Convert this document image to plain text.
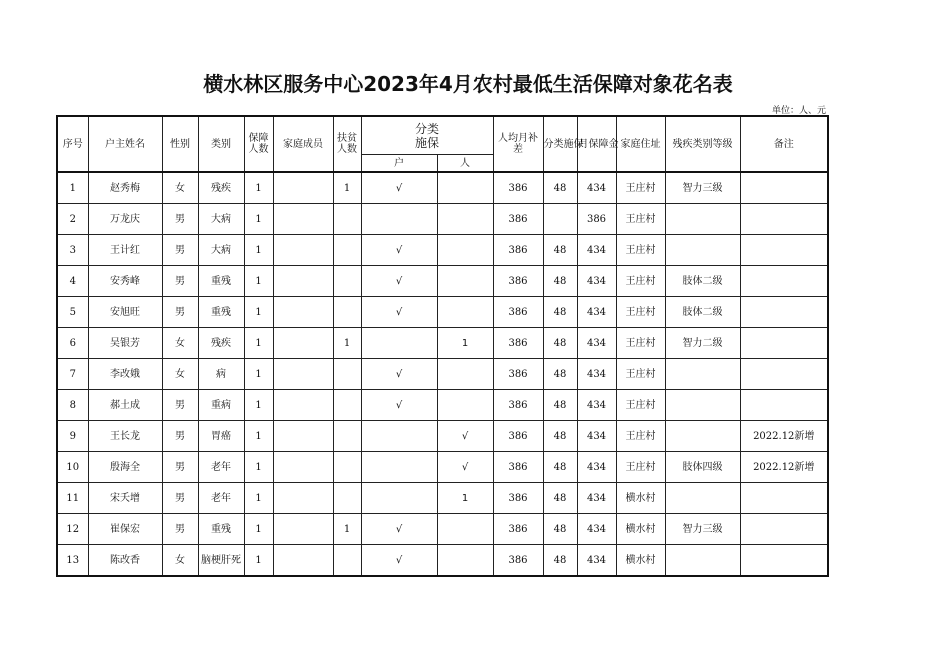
横水林区服务中心2023年4月农村最低生活保障对象花名表
单位：人、元
序号	户主姓名	性别	类别	保障人数	家庭成员	扶贫人数	分类施保		人均月补差	分类施保	月保障金	家庭住址	残疾类别等级	备注
							户	人						
1	赵秀梅	女	残疾	1		1	√		386	48	434	王庄村	智力三级	
2	万龙庆	男	大病	1					386		386	王庄村		
3	王计红	男	大病	1			√		386	48	434	王庄村		
4	安秀峰	男	重残	1			√		386	48	434	王庄村	肢体二级	
5	安旭旺	男	重残	1			√		386	48	434	王庄村	肢体二级	
6	吴银芳	女	残疾	1		1		1	386	48	434	王庄村	智力二级	
7	李改娥	女	病	1			√		386	48	434	王庄村		
8	郝土成	男	重病	1			√		386	48	434	王庄村		
9	王长龙	男	胃癌	1				√	386	48	434	王庄村		2022.12新增
10	殷海全	男	老年	1				√	386	48	434	王庄村	肢体四级	2022.12新增
11	宋夭增	男	老年	1				1	386	48	434	横水村		
12	崔保宏	男	重残	1		1	√		386	48	434	横水村	智力三级	
13	陈改香	女	脑梗肝死	1			√		386	48	434	横水村		
